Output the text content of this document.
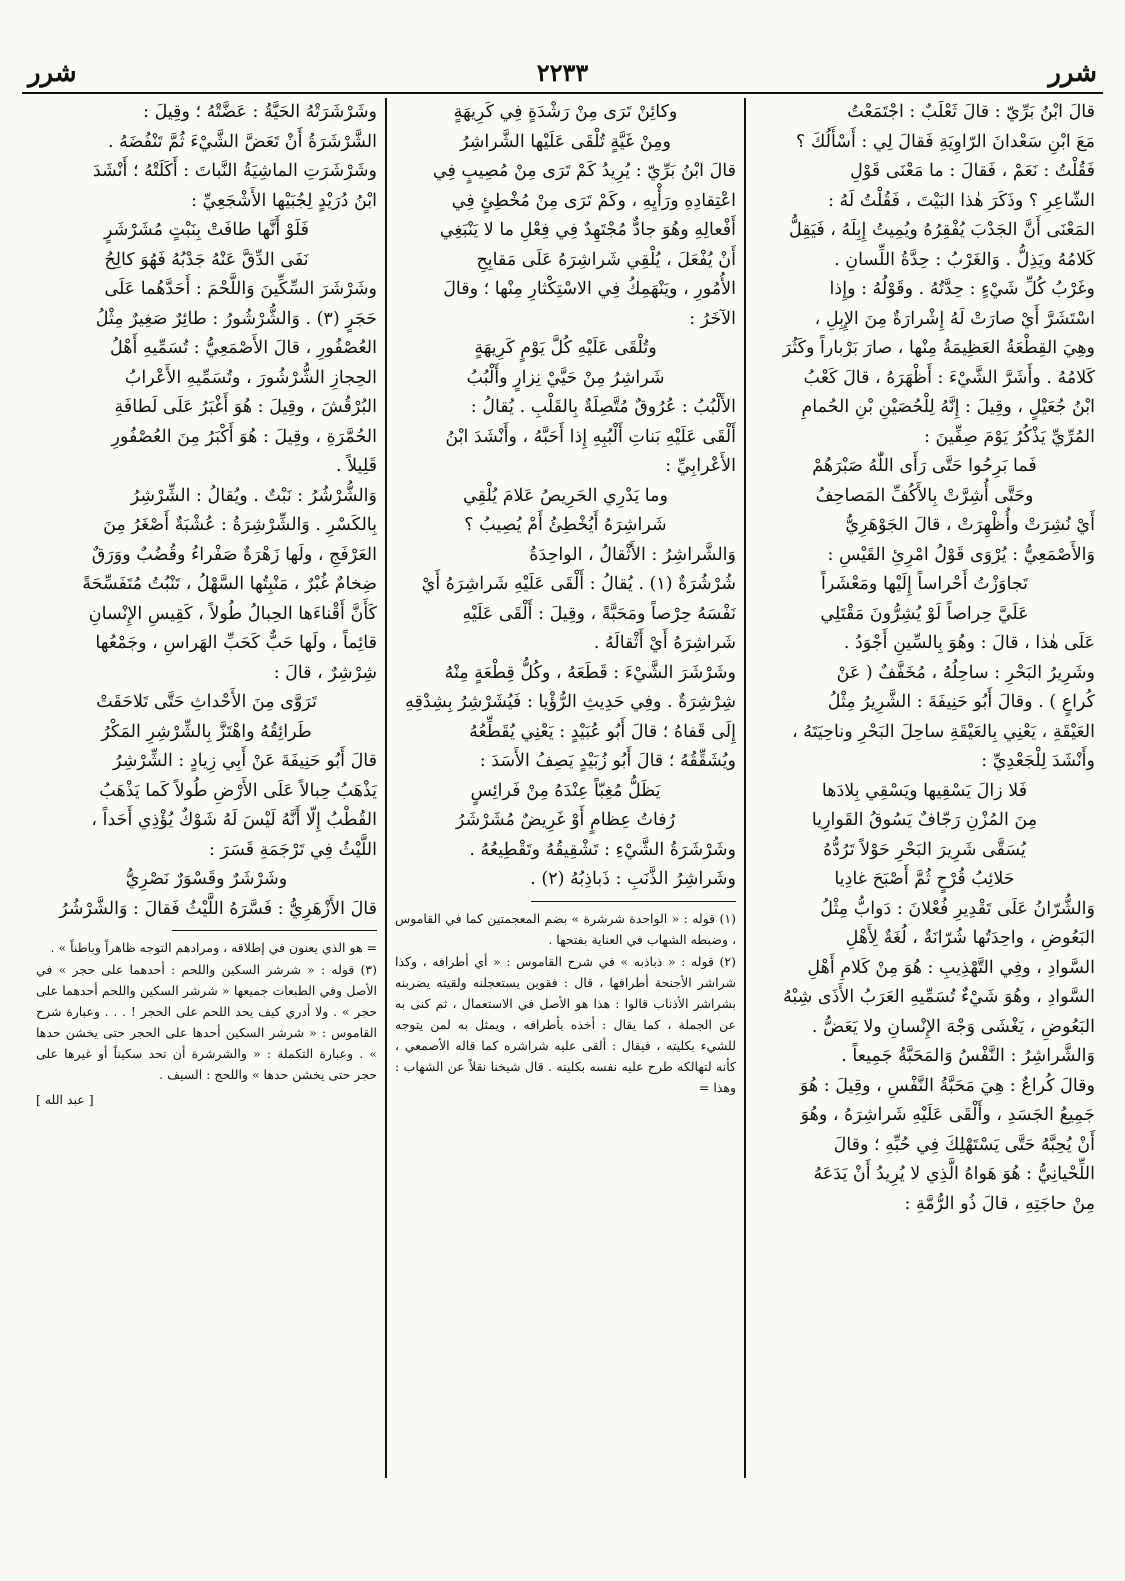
شرر
٢٢٣٣
شرر

قالَ ابْنُ بَرِّيّ : قالَ ثَعْلَبٌ : اجْتَمَعْتُ

مَعَ ابْنِ سَعْدانَ الرّاوِيَةِ فَقالَ لِي : أَسْأَلُكَ ؟

فَقُلْتُ : نَعَمْ ، فَقالَ : ما مَعْنَى قَوْلِ

الشّاعِرِ ؟ وذَكَرَ هٰذا البَيْتَ ، فَقُلْتُ لَهُ :

المَعْنَى أَنَّ الجَدْبَ يُفْقِرُهُ ويُمِيتُ إِبِلَهُ ، فَيَقِلُّ

كَلامُهُ ويَذِلُّ . وَالغَرْبُ : حِدَّةُ اللِّسانِ .

وغَرْبُ كُلِّ شَيْءٍ : حِدَّتُهُ . وقَوْلُهُ : وإِذا

اسْتَشَرَّ أَيْ صارَتْ لَهُ إِشْرارَةٌ مِنَ الإِبِلِ ،

وهِيَ القِطْعَةُ العَظِيمَةُ مِنْها ، صارَ بَرْباراً وكَثُرَ

كَلامُهُ . وأَشَرَّ الشَّيْءَ : أَظْهَرَهُ ، قالَ كَعْبُ

ابْنُ جُعَيْلٍ ، وقِيلَ : إِنَّهُ لِلْحُصَيْنِ بْنِ الحُمامِ

المُرِّيِّ يَذْكُرُ يَوْمَ صِفِّينَ :

فَما بَرِحُوا حَتَّى رَأَى اللّٰهُ صَبْرَهُمْ

وحَتَّى أُشِرَّتْ بِالأَكُفِّ المَصاحِفُ

أَيْ نُشِرَتْ وأُظْهِرَتْ ، قالَ الجَوْهَرِيُّ

وَالأَصْمَعِيُّ : يُرْوَى قَوْلُ امْرِئِ القَيْسِ :

تَجاوَزْتُ أَحْراساً إِلَيْها ومَعْشَراً

عَلَيَّ حِراصاً لَوْ يُشِرُّونَ مَقْتَلِي

عَلَى هٰذا ، قالَ : وهُوَ بِالسِّينِ أَجْوَدُ .

وشَرِيرُ البَحْرِ : ساحِلُهُ ، مُخَفَّفٌ ( عَنْ

كُراعٍ ) . وقالَ أَبُو حَنِيفَةَ : الشَّرِيرُ مِثْلُ

العَيْقَةِ ، يَعْنِي بِالعَيْقَةِ ساحِلَ البَحْرِ وناحِيَتَهُ ،

وأَنْشَدَ لِلْجَعْدِيِّ :

فَلا زالَ يَسْقِيها ويَسْقِي بِلادَها

مِنَ المُزْنِ رَجّافٌ يَسُوقُ القَوارِيا

يُسَقَّى شَرِيرَ البَحْرِ حَوْلاً تَرُدُّهُ

حَلائِبُ قُرْحٍ ثُمَّ أَصْبَحَ غادِيا

وَالشُّرّانُ عَلَى تَقْدِيرِ فُعْلانَ : دَوابُّ مِثْلُ

البَعُوضِ ، واحِدَتُها شُرّانَةٌ ، لُغَةٌ لِأَهْلِ

السَّوادِ ، وفِي التَّهْذِيبِ : هُوَ مِنْ كَلامِ أَهْلِ

السَّوادِ ، وهُوَ شَيْءٌ تُسَمِّيهِ العَرَبُ الأَذَى شِبْهُ

البَعُوضِ ، يَغْشَى وَجْهَ الإِنْسانِ ولا يَعَضُّ .

وَالشَّراشِرُ : النَّفْسُ وَالمَحَبَّةُ جَمِيعاً .

وقالَ كُراعٌ : هِيَ مَحَبَّةُ النَّفْسِ ، وقِيلَ : هُوَ

جَمِيعُ الجَسَدِ ، وأَلْقَى عَلَيْهِ شَراشِرَهُ ، وهُوَ

أَنْ يُحِبَّهُ حَتَّى يَسْتَهْلِكَ فِي حُبِّهِ ؛ وقالَ

اللِّحْيانِيُّ : هُوَ هَواهُ الَّذِي لا يُرِيدُ أَنْ يَدَعَهُ

مِنْ حاجَتِهِ ، قالَ ذُو الرُّمَّةِ :

وكائِنْ تَرَى مِنْ رَشْدَةٍ فِي كَرِيهَةٍ

ومِنْ غَيَّةٍ تُلْقَى عَلَيْها الشَّراشِرُ

قالَ ابْنُ بَرِّيّ : يُرِيدُ كَمْ تَرَى مِنْ مُصِيبٍ فِي

اعْتِقادِهِ ورَأْيِهِ ، وكَمْ تَرَى مِنْ مُخْطِئٍ فِي

أَفْعالِهِ وهُوَ جادٌّ مُجْتَهِدٌ فِي فِعْلِ ما لا يَنْبَغِي

أَنْ يُفْعَلَ ، يُلْقِي شَراشِرَهُ عَلَى مَقابِحِ

الأُمُورِ ، ويَنْهَمِكُ فِي الاسْتِكْثارِ مِنْها ؛ وقالَ

الآخَرُ :

وتُلْقَى عَلَيْهِ كُلَّ يَوْمٍ كَرِيهَةٍ

شَراشِرُ مِنْ حَيَّيْ نِزارٍ وأَلْبُبُ

الأَلْبُبُ : عُرُوقٌ مُتَّصِلَةٌ بِالقَلْبِ . يُقالُ :

أَلْقَى عَلَيْهِ بَناتِ أَلْبُبِهِ إِذا أَحَبَّهُ ، وأَنْشَدَ ابْنُ

الأَعْرابِيِّ :

وما يَدْرِي الحَرِيصُ عَلامَ يُلْقِي

شَراشِرَهُ أَيُخْطِئُ أَمْ يُصِيبُ ؟

وَالشَّراشِرُ : الأَثْقالُ ، الواحِدَةُ

شُرْشُرَةٌ (١) . يُقالُ : أَلْقَى عَلَيْهِ شَراشِرَهُ أَيْ

نَفْسَهُ حِرْصاً ومَحَبَّةً ، وقِيلَ : أَلْقَى عَلَيْهِ

شَراشِرَهُ أَيْ أَثْقالَهُ .

وشَرْشَرَ الشَّيْءَ : قَطَعَهُ ، وكُلُّ قِطْعَةٍ مِنْهُ

شِرْشِرَةٌ . وفِي حَدِيثِ الرُّؤْيا : فَيُشَرْشِرُ بِشِدْقِهِ

إِلَى قَفاهُ ؛ قالَ أَبُو عُبَيْدٍ : يَعْنِي يُقَطِّعُهُ

ويُشَقِّقُهُ ؛ قالَ أَبُو زُبَيْدٍ يَصِفُ الأَسَدَ :

يَظَلُّ مُغِبّاً عِنْدَهُ مِنْ فَرائِسٍ

رُفاتُ عِظامٍ أَوْ غَرِيضٌ مُشَرْشَرُ

وشَرْشَرَةُ الشَّيْءِ : تَشْقِيقُهُ وتَقْطِيعُهُ .

وشَراشِرُ الذَّنَبِ : ذَباذِبُهُ (٢) .

(١) قوله : « الواحدة شرشرة » بضم المعجمتين كما في القاموس ، وضبطه الشهاب في العناية بفتحها .

(٢) قوله : « ذباذبه » في شرح القاموس : « أي أطرافه ، وكذا شراشر الأجنحة أطرافها ، قال : فقوين يستعجلنه ولقيته يضربنه بشراشر الأذناب قالوا : هذا هو الأصل في الاستعمال ، ثم كنى به عن الجملة ، كما يقال : أخذه بأطرافه ، ويمثل به لمن يتوجه للشيء بكليته ، فيقال : ألقى عليه شراشره كما قاله الأصمعي ، كأنه لتهالكه طرح عليه نفسه بكليته . قال شيخنا نقلاً عن الشهاب : وهذا =

وشَرْشَرَتْهُ الحَيَّةُ : عَضَّتْهُ ؛ وقِيلَ :

الشَّرْشَرَةُ أَنْ تَعَضَّ الشَّيْءَ ثُمَّ تَنْفُضَهُ .

وشَرْشَرَتِ الماشِيَةُ النَّباتَ : أَكَلَتْهُ ؛ أَنْشَدَ

ابْنُ دُرَيْدٍ لِجُبَيْها الأَشْجَعِيِّ :

فَلَوْ أَنَّها طافَتْ بِنَبْتٍ مُشَرْشَرٍ

نَفَى الدِّقَّ عَنْهُ جَدْبُهُ فَهُوَ كالِحُ

وشَرْشَرَ السِّكِّينَ وَاللَّحْمَ : أَحَدَّهُما عَلَى

حَجَرٍ (٣) . وَالشُّرْشُورُ : طائِرٌ صَغِيرٌ مِثْلُ

العُصْفُورِ ، قالَ الأَصْمَعِيُّ : تُسَمِّيهِ أَهْلُ

الحِجازِ الشُّرْشُورَ ، وتُسَمِّيهِ الأَعْرابُ

البُرْقُشَ ، وقِيلَ : هُوَ أَغْبَرُ عَلَى لَطافَةِ

الحُمَّرَةِ ، وقِيلَ : هُوَ أَكْبَرُ مِنَ العُصْفُورِ

قَلِيلاً .

وَالشُّرْشُرُ : نَبْتٌ . ويُقالُ : الشِّرْشِرُ

بِالكَسْرِ . وَالشِّرْشِرَةُ : عُشْبَةٌ أَصْغَرُ مِنَ

العَرْفَجِ ، ولَها زَهْرَةٌ صَفْراءُ وقُضُبٌ ووَرَقٌ

ضِخامٌ غُبْرٌ ، مَنْبِتُها السَّهْلُ ، تَنْبُتُ مُتَفَسِّحَةً

كَأَنَّ أَقْناءَها الحِبالُ طُولاً ، كَقِيسِ الإِنْسانِ

قائِماً ، ولَها حَبٌّ كَحَبِّ الهَراسِ ، وجَمْعُها

شِرْشِرٌ ، قالَ :

تَرَوَّى مِنَ الأَحْداثِ حَتَّى تَلاحَقَتْ

طَرائِقُهُ واهْتَزَّ بِالشِّرْشِرِ المَكْرُ

قالَ أَبُو حَنِيفَةَ عَنْ أَبِي زِيادٍ : الشِّرْشِرُ

يَذْهَبُ حِبالاً عَلَى الأَرْضِ طُولاً كَما يَذْهَبُ

القُطْبُ إِلّا أَنَّهُ لَيْسَ لَهُ شَوْكٌ يُؤْذِي أَحَداً ،

اللَّيْثُ فِي تَرْجَمَةِ قَسَرَ :

وشَرْشَرٌ وقَسْوَرٌ نَصْرِيُّ

قالَ الأَزْهَرِيُّ : فَسَّرَهُ اللَّيْثُ فَقالَ : وَالشَّرْشُرُ

= هو الذي يعنون في إطلاقه ، ومرادهم التوجه ظاهراً وباطناً » .

(٣) قوله : « شرشر السكين واللحم : أحدهما على حجر » في الأصل وفي الطبعات جميعها « شرشر السكين واللحم أحدهما على حجر » . ولا أدري كيف يحد اللحم على الحجر ! . . . وعبارة شرح القاموس : « شرشر السكين أحدها على الحجر حتى يخشن حدها » . وعبارة التكملة : « والشرشرة أن تحد سكيناً أو غيرها على حجر حتى يخشن حدها » واللحج : السيف .

[ عبد الله ]
